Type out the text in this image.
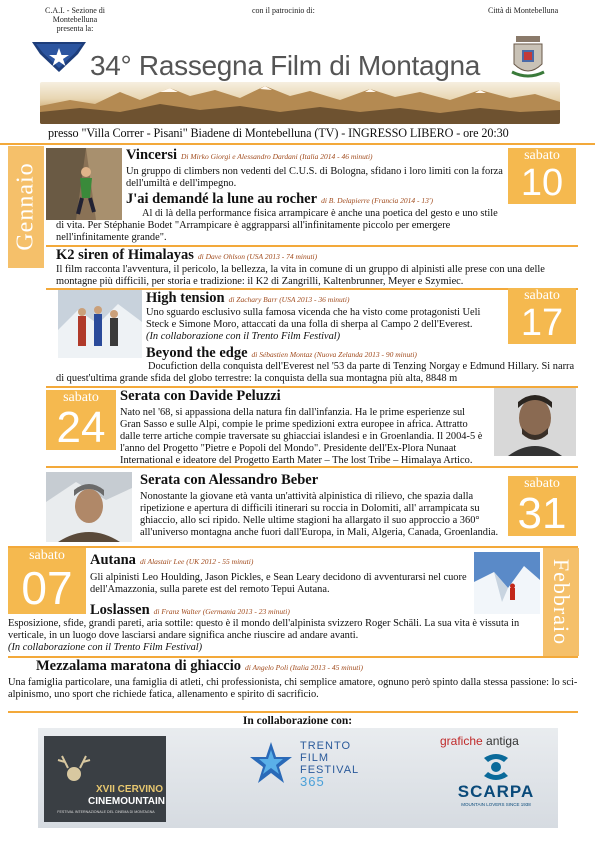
C.A.I. - Sezione di Montebelluna
presenta la:
con il patrocinio di:	Città di Montebelluna
34° Rassegna Film di Montagna
presso "Villa Correr - Pisani" Biadene di Montebelluna (TV) - INGRESSO LIBERO - ore 20:30
Gennaio
Vincersi Di Mirko Giorgi e Alessandro Dardani (Italia 2014 - 46 minuti)
Un gruppo di climbers non vedenti del C.U.S. di Bologna, sfidano i loro limiti con la forza dell'umiltà e dell'impegno.
sabato
10
J'ai demandé la lune au rocher di B. Delapierre (Francia 2014 - 13')
Al di là della performance fisica arrampicare è anche una poetica del gesto e uno stile di vita. Per Stéphanie Bodet "Arrampicare è aggrapparsi all'infinitamente piccolo per emergere nell'infinitamente grande".
K2 siren of Himalayas di Dave Ohlson (USA 2013 - 74 minuti)
Il film racconta l'avventura, il pericolo, la bellezza, la vita in comune di un gruppo di alpinisti alle prese con una delle montagne più difficili, per storia e tradizione: il K2 di Zangrilli, Kaltenbrunner, Meyer e Szymiec.
High tension di Zachary Barr (USA 2013 - 36 minuti)
Uno sguardo esclusivo sulla famosa vicenda che ha visto come protagonisti Ueli Steck e Simone Moro, attaccati da una folla di sherpa al Campo 2 dell'Everest.
(In collaborazione con il Trento Film Festival)
sabato
17
Beyond the edge di Sébastien Montaz (Nuova Zelanda 2013 - 90 minuti)
Docufiction della conquista dell'Everest nel '53 da parte di Tenzing Norgay e Edmund Hillary. Si narra di quest'ultima grande sfida del globo terrestre: la conquista della sua montagna più alta, 8848 m
sabato
24
Serata con Davide Peluzzi
Nato nel '68, si appassiona della natura fin dall'infanzia. Ha le prime esperienze sul Gran Sasso e sulle Alpi, compie le prime spedizioni extra europee in africa. Attratto dalle terre artiche compie traversate su ghiacciai islandesi e in Groenlandia. Il 2004-5 è l'anno del Progetto "Pietre e Popoli del Mondo". Presidente dell'Ex-Plora Nunaat International e ideatore del Progetto Earth Mater – The lost Tribe – Himalaya Artico.
Serata con Alessandro Beber
Nonostante la giovane età vanta un'attività alpinistica di rilievo, che spazia dalla ripetizione e apertura di difficili itinerari su roccia in Dolomiti, all' arrampicata su ghiaccio, allo sci ripido. Nelle ultime stagioni ha allargato il suo approccio a 360° all'universo montagna anche fuori dall'Europa, in Mali, Algeria, Canada, Groenlandia.
sabato
31
sabato
07	Febbraio
Autana di Alastair Lee (UK 2012 - 55 minuti)
Gli alpinisti Leo Houlding, Jason Pickles, e Sean Leary decidono di avventurarsi nel cuore dell'Amazzonia, sulla parete est del remoto Tepui Autana.
Loslassen di Franz Walter (Germania 2013 - 23 minuti)
Esposizione, sfide, grandi pareti, aria sottile: questo è il mondo dell'alpinista svizzero Roger Schäli. La sua vita è vissuta in verticale, in un luogo dove lasciarsi andare significa anche riuscire ad andare avanti.
(In collaborazione con il Trento Film Festival)
Mezzalama maratona di ghiaccio di Angelo Poli (Italia 2013 - 45 minuti)
Una famiglia particolare, una famiglia di atleti, chi professionista, chi semplice amatore, ognuno però spinto dalla stessa passione: lo sci-alpinismo, uno sport che richiede fatica, allenamento e spirito di sacrificio.
In collaborazione con:
XVII CERVINO
CINEMOUNTAIN
FESTIVAL INTERNAZIONALE DEL CINEMA DI MONTAGNA
TRENTO
FILM
FESTIVAL
365
grafiche antiga
SCARPA
MOUNTAIN LOVERS SINCE 1938
